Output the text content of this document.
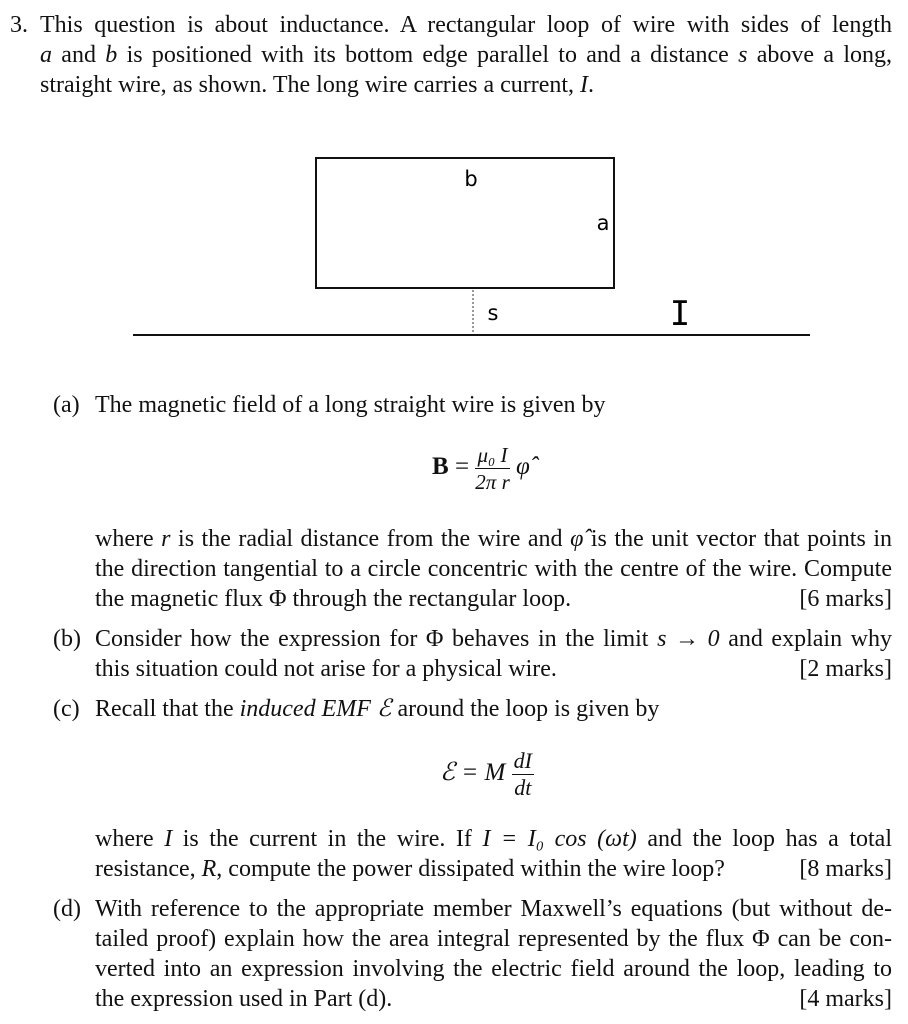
3. This question is about inductance. A rectangular loop of wire with sides of length
a and b is positioned with its bottom edge parallel to and a distance s above a long,
straight wire, as shown. The long wire carries a current, I.
b
a
s	I
(a) The magnetic field of a long straight wire is given by
$B = \frac{\text{μ₀ I}}{\text{2π r}}$ φ̂
where r is the radial distance from the wire and φ̂ is the unit vector that points in
the direction tangential to a circle concentric with the centre of the wire. Compute
the magnetic flux Φ through the rectangular loop.	[6 marks]
(b) Consider how the expression for Φ behaves in the limit s → 0 and explain why
this situation could not arise for a physical wire.	[2 marks]
(c) Recall that the induced EMF ℰ around the loop is given by
ℰ = M $\frac{dI}{dt}$
where I is the current in the wire. If I = I₀ cos (ωt) and the loop has a total
resistance, R, compute the power dissipated within the wire loop?	[8 marks]
(d) With reference to the appropriate member Maxwell’s equations (but without de-
tailed proof) explain how the area integral represented by the flux Φ can be con-
verted into an expression involving the electric field around the loop, leading to
the expression used in Part (d).	[4 marks]
